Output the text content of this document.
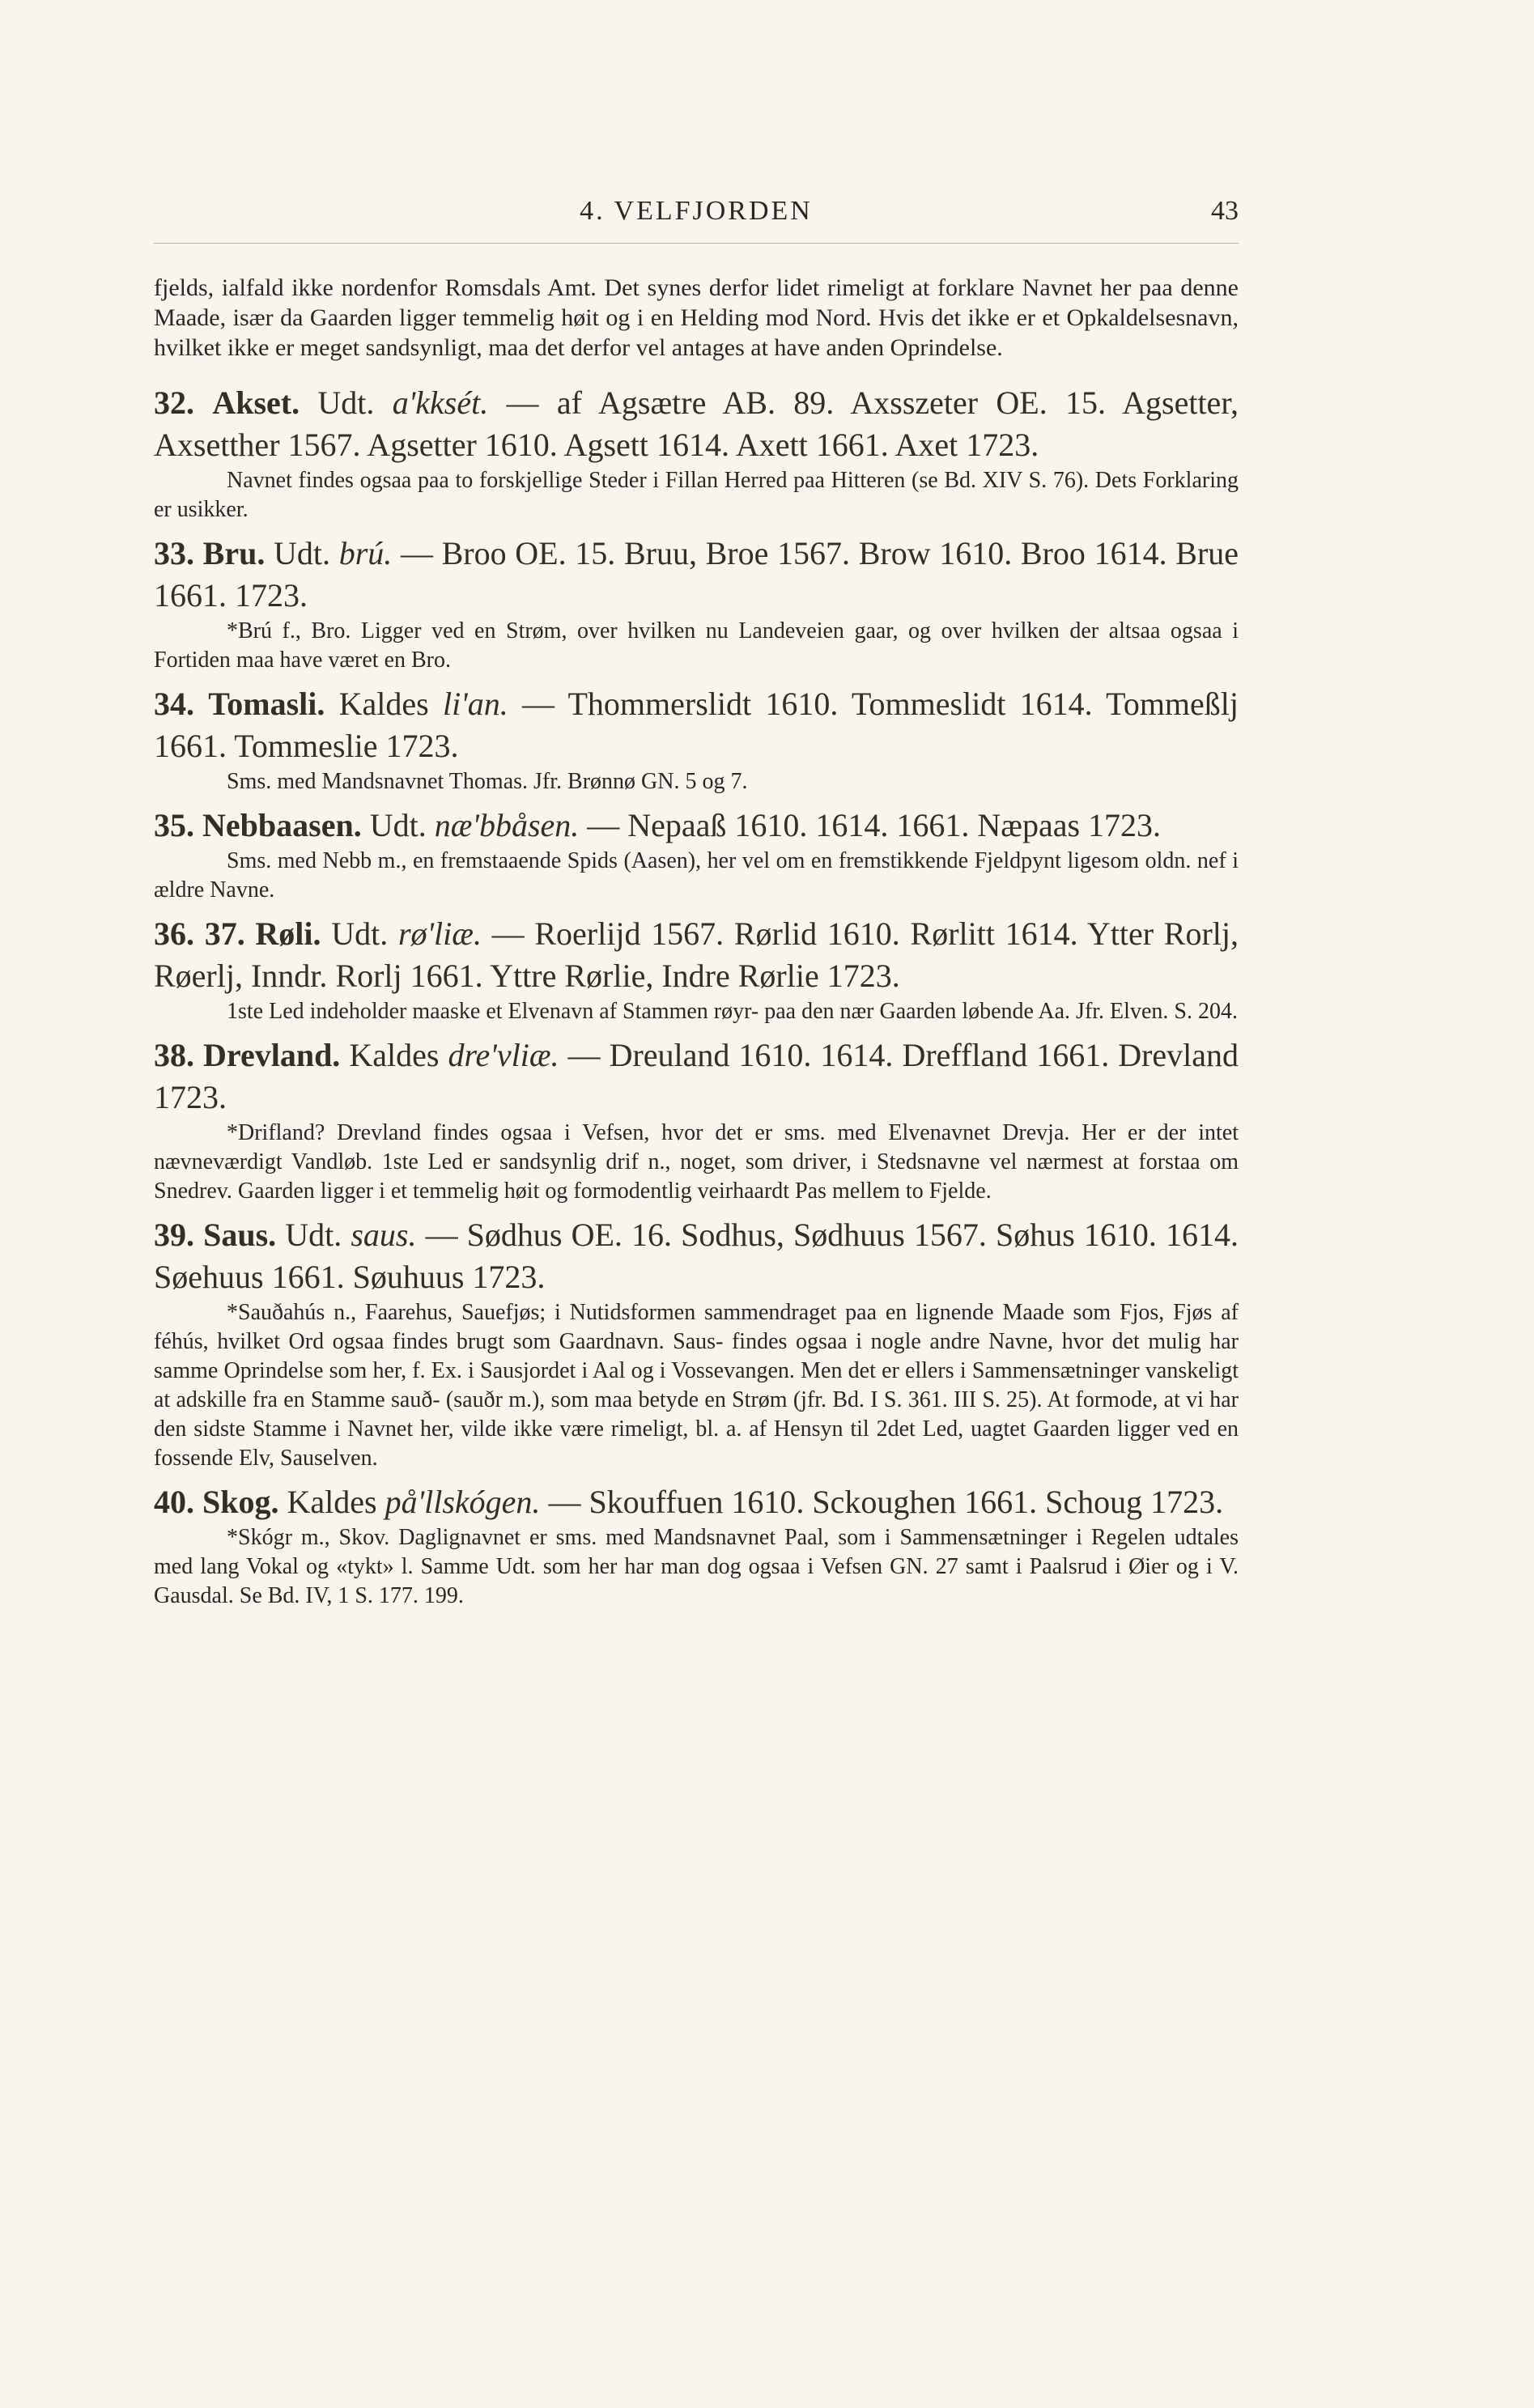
4. VELFJORDEN	43

fjelds, ialfald ikke nordenfor Romsdals Amt. Det synes derfor lidet rimeligt at forklare Navnet her paa denne Maade, især da Gaarden ligger temmelig høit og i en Helding mod Nord. Hvis det ikke er et Opkaldelsesnavn, hvilket ikke er meget sandsynligt, maa det derfor vel antages at have anden Oprindelse.

32. Akset. Udt. a'kksét. — af Agsætre AB. 89. Axsszeter OE. 15. Agsetter, Axsetther 1567. Agsetter 1610. Agsett 1614. Axett 1661. Axet 1723.

Navnet findes ogsaa paa to forskjellige Steder i Fillan Herred paa Hitteren (se Bd. XIV S. 76). Dets Forklaring er usikker.

33. Bru. Udt. brú. — Broo OE. 15. Bruu, Broe 1567. Brow 1610. Broo 1614. Brue 1661. 1723.

*Brú f., Bro. Ligger ved en Strøm, over hvilken nu Landeveien gaar, og over hvilken der altsaa ogsaa i Fortiden maa have været en Bro.

34. Tomasli. Kaldes li'an. — Thommerslidt 1610. Tommeslidt 1614. Tommeßlj 1661. Tommeslie 1723.

Sms. med Mandsnavnet Thomas. Jfr. Brønnø GN. 5 og 7.

35. Nebbaasen. Udt. næ'bbåsen. — Nepaaß 1610. 1614. 1661. Næpaas 1723.

Sms. med Nebb m., en fremstaaende Spids (Aasen), her vel om en fremstikkende Fjeldpynt ligesom oldn. nef i ældre Navne.

36. 37. Røli. Udt. rø'liæ. — Roerlijd 1567. Rørlid 1610. Rørlitt 1614. Ytter Rorlj, Røerlj, Inndr. Rorlj 1661. Yttre Rørlie, Indre Rørlie 1723.

1ste Led indeholder maaske et Elvenavn af Stammen røyr- paa den nær Gaarden løbende Aa. Jfr. Elven. S. 204.

38. Drevland. Kaldes dre'vliæ. — Dreuland 1610. 1614. Dreffland 1661. Drevland 1723.

*Drifland? Drevland findes ogsaa i Vefsen, hvor det er sms. med Elvenavnet Drevja. Her er der intet nævneværdigt Vandløb. 1ste Led er sandsynlig drif n., noget, som driver, i Stedsnavne vel nærmest at forstaa om Snedrev. Gaarden ligger i et temmelig høit og formodentlig veirhaardt Pas mellem to Fjelde.

39. Saus. Udt. saus. — Sødhus OE. 16. Sodhus, Sødhuus 1567. Søhus 1610. 1614. Søehuus 1661. Søuhuus 1723.

*Sauðahús n., Faarehus, Sauefjøs; i Nutidsformen sammendraget paa en lignende Maade som Fjos, Fjøs af féhús, hvilket Ord ogsaa findes brugt som Gaardnavn. Saus- findes ogsaa i nogle andre Navne, hvor det mulig har samme Oprindelse som her, f. Ex. i Sausjordet i Aal og i Vossevangen. Men det er ellers i Sammensætninger vanskeligt at adskille fra en Stamme sauð- (sauðr m.), som maa betyde en Strøm (jfr. Bd. I S. 361. III S. 25). At formode, at vi har den sidste Stamme i Navnet her, vilde ikke være rimeligt, bl. a. af Hensyn til 2det Led, uagtet Gaarden ligger ved en fossende Elv, Sauselven.

40. Skog. Kaldes på'llskógen. — Skouffuen 1610. Sckoughen 1661. Schoug 1723.

*Skógr m., Skov. Daglignavnet er sms. med Mandsnavnet Paal, som i Sammensætninger i Regelen udtales med lang Vokal og «tykt» l. Samme Udt. som her har man dog ogsaa i Vefsen GN. 27 samt i Paalsrud i Øier og i V. Gausdal. Se Bd. IV, 1 S. 177. 199.
